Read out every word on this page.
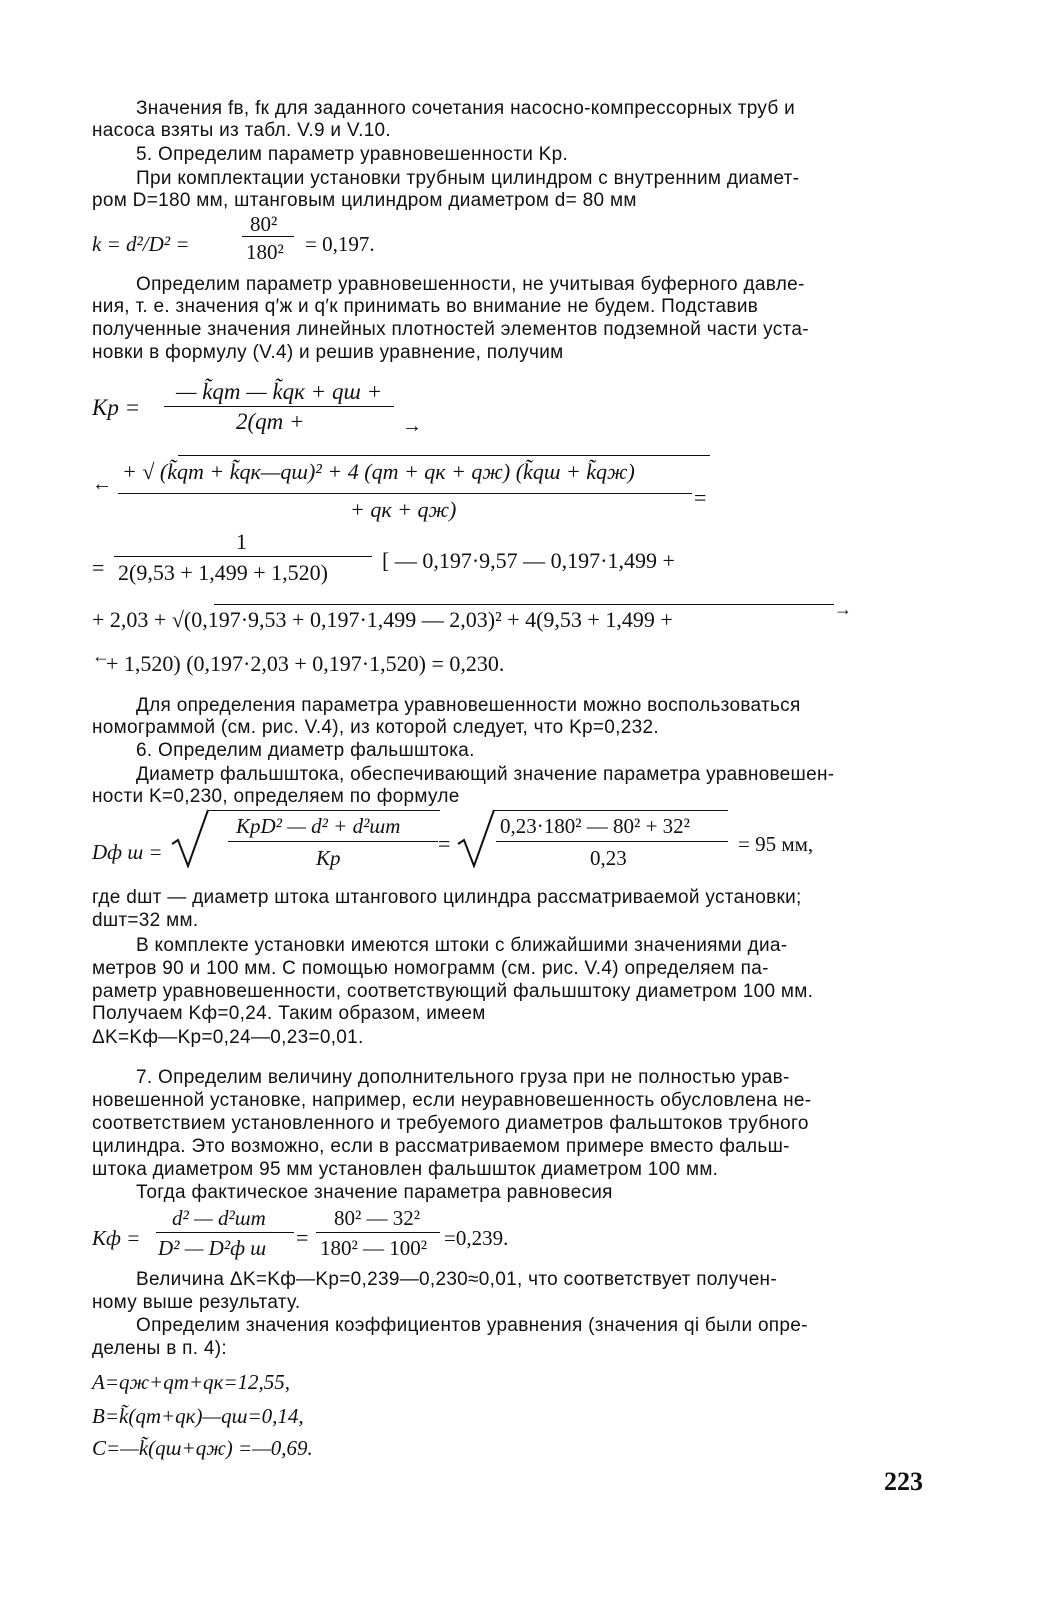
Значения fв, fк для заданного сочетания насосно-компрессорных труб и
насоса взяты из табл. V.9 и V.10.
5. Определим параметр уравновешенности Kр.
При комплектации установки трубным цилиндром с внутренним диамет-
ром D=180 мм, штанговым цилиндром диаметром d= 80 мм
k = d²/D² =
80²
180² = 0,197.
Определим параметр уравновешенности, не учитывая буферного давле-
ния, т. е. значения q′ж и q′к принимать во внимание не будем. Подставив
полученные значения линейных плотностей элементов подземной части уста-
новки в формулу (V.4) и решив уравнение, получим
Kр =
— k̃qт — k̃qк + qш +
2(qт +	→
← + √ (k̃qт + k̃qк—qш)² + 4 (qт + qк + qж) (k̃qш + k̃qж)
+ qк + qж)	=
1
= 2(9,53 + 1,499 + 1,520) [ — 0,197·9,57 — 0,197·1,499 +
+ 2,03 + √(0,197·9,53 + 0,197·1,499 — 2,03)² + 4(9,53 + 1,499 +	→
←
+ 1,520) (0,197·2,03 + 0,197·1,520) = 0,230.
Для определения параметра уравновешенности можно воспользоваться
номограммой (см. рис. V.4), из которой следует, что Kр=0,232.
6. Определим диаметр фальшштока.
Диаметр фальшштока, обеспечивающий значение параметра уравновешен-
ности K=0,230, определяем по формуле
Dф ш =
KрD² — d² + d²шт
Kр
=
0,23·180² — 80² + 32²
0,23
= 95 мм,
где dшт — диаметр штока штангового цилиндра рассматриваемой установки;
dшт=32 мм.
В комплекте установки имеются штоки с ближайшими значениями диа-
метров 90 и 100 мм. С помощью номограмм (см. рис. V.4) определяем па-
раметр уравновешенности, соответствующий фальшштоку диаметром 100 мм.
Получаем Kф=0,24. Таким образом, имеем
ΔK=Kф—Kр=0,24—0,23=0,01.
7. Определим величину дополнительного груза при не полностью урав-
новешенной установке, например, если неуравновешенность обусловлена не-
соответствием установленного и требуемого диаметров фальштоков трубного
цилиндра. Это возможно, если в рассматриваемом примере вместо фальш-
штока диаметром 95 мм установлен фальшшток диаметром 100 мм.
Тогда фактическое значение параметра равновесия
Kф =
d² — d²шт
D² — D²ф ш =
80² — 32²
180² — 100² =0,239.
Величина ΔK=Kф—Kр=0,239—0,230≈0,01, что соответствует получен-
ному выше результату.
Определим значения коэффициентов уравнения (значения qi были опре-
делены в п. 4):
A=qж+qт+qк=12,55,
B=k̃(qт+qк)—qш=0,14,
C=—k̃(qш+qж) =—0,69.
223
